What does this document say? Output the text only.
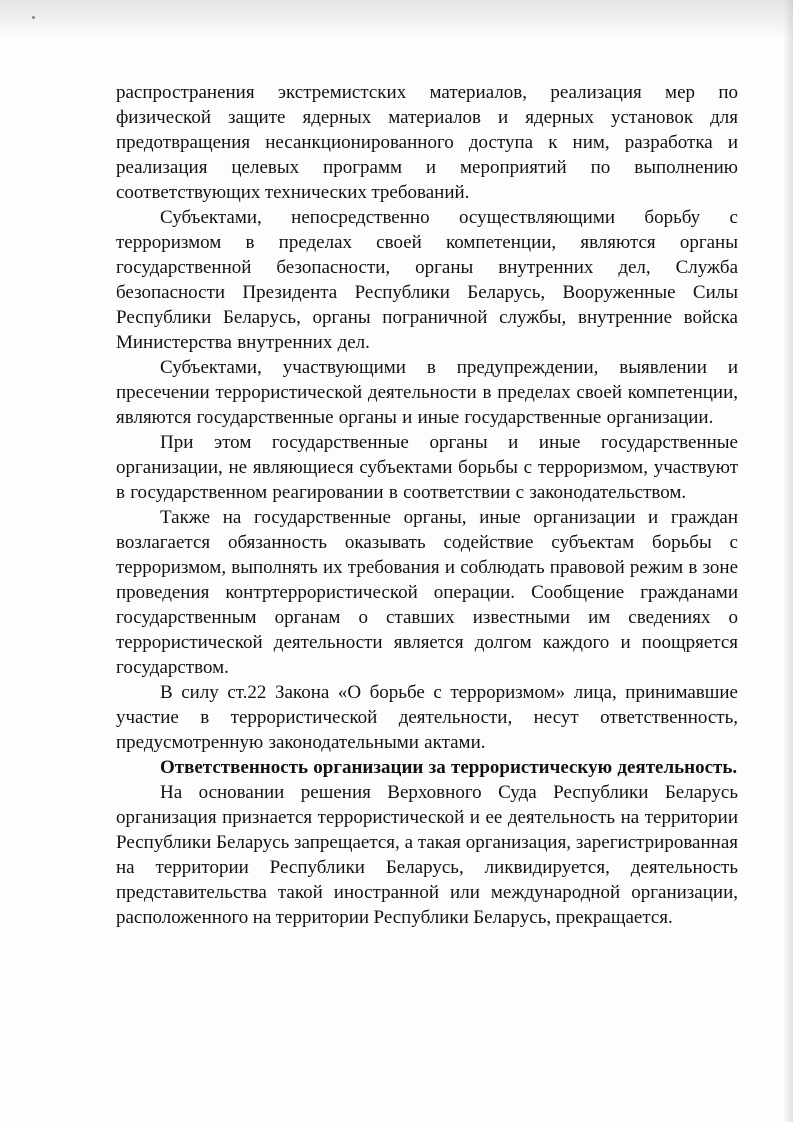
распространения экстремистских материалов, реализация мер по физической защите ядерных материалов и ядерных установок для предотвращения несанкционированного доступа к ним, разработка и реализация целевых программ и мероприятий по выполнению соответствующих технических требований.

Субъектами, непосредственно осуществляющими борьбу с терроризмом в пределах своей компетенции, являются органы государственной безопасности, органы внутренних дел, Служба безопасности Президента Республики Беларусь, Вооруженные Силы Республики Беларусь, органы пограничной службы, внутренние войска Министерства внутренних дел.

Субъектами, участвующими в предупреждении, выявлении и пресечении террористической деятельности в пределах своей компетенции, являются государственные органы и иные государственные организации.

При этом государственные органы и иные государственные организации, не являющиеся субъектами борьбы с терроризмом, участвуют в государственном реагировании в соответствии с законодательством.

Также на государственные органы, иные организации и граждан возлагается обязанность оказывать содействие субъектам борьбы с терроризмом, выполнять их требования и соблюдать правовой режим в зоне проведения контртеррористической операции. Сообщение гражданами государственным органам о ставших известными им сведениях о террористической деятельности является долгом каждого и поощряется государством.

В силу ст.22 Закона «О борьбе с терроризмом» лица, принимавшие участие в террористической деятельности, несут ответственность, предусмотренную законодательными актами.

Ответственность организации за террористическую деятельность.

На основании решения Верховного Суда Республики Беларусь организация признается террористической и ее деятельность на территории Республики Беларусь запрещается, а такая организация, зарегистрированная на территории Республики Беларусь, ликвидируется, деятельность представительства такой иностранной или международной организации, расположенного на территории Республики Беларусь, прекращается.
